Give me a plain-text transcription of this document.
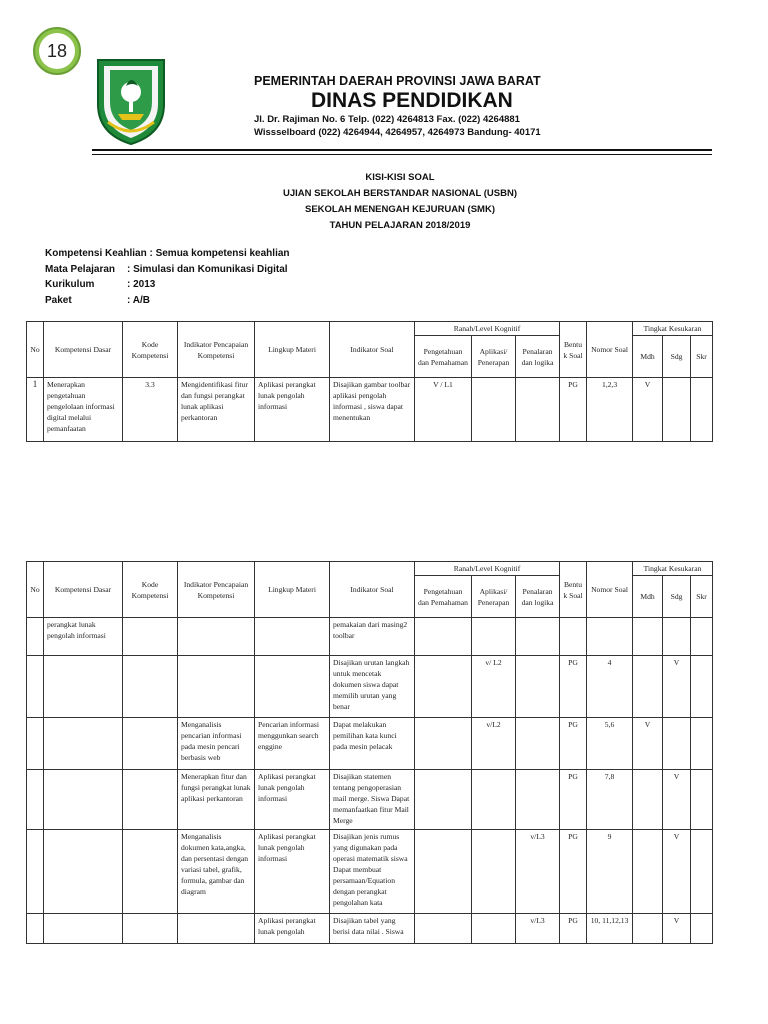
18
PEMERINTAH DAERAH PROVINSI JAWA BARAT
DINAS PENDIDIKAN
Jl. Dr. Rajiman No. 6 Telp. (022) 4264813 Fax. (022) 4264881
Wissselboard (022) 4264944, 4264957, 4264973 Bandung- 40171
KISI-KISI SOAL
UJIAN SEKOLAH BERSTANDAR NASIONAL (USBN)
SEKOLAH MENENGAH KEJURUAN (SMK)
TAHUN PELAJARAN 2018/2019
Kompetensi Keahlian : Semua kompetensi keahlian
Mata Pelajaran : Simulasi dan Komunikasi Digital
Kurikulum	: 2013
Paket	: A/B
No	Kompetensi Dasar	Kode Kompetensi	Indikator Pencapaian Kompetensi	Lingkup Materi	Indikator Soal	Ranah/Level Kognitif			Bentuk Soal	Nomor Soal	Tingkat Kesukaran		
						Pengetahuan dan Pemahaman	Aplikasi/ Penerapan	Penalaran dan logika			Mdh	Sdg	Skr
1	Menerapkan pengetahuan pengelolaan informasi digital melalui pemanfaatan	3.3	Mengidentifikasi fitur dan fungsi perangkat lunak aplikasi perkantoran	Aplikasi perangkat lunak pengolah informasi	Disajikan gambar toolbar aplikasi pengolah informasi , siswa dapat menentukan	V / L1			PG	1,2,3	V		
No	Kompetensi Dasar	Kode Kompetensi	Indikator Pencapaian Kompetensi	Lingkup Materi	Indikator Soal	Ranah/Level Kognitif			Bentuk Soal	Nomor Soal	Tingkat Kesukaran		
						Pengetahuan dan Pemahaman	Aplikasi/ Penerapan	Penalaran dan logika			Mdh	Sdg	Skr
	perangkat lunak pengolah informasi				pemakaian dari masing2 toolbar								
					Disajikan urutan langkah untuk mencetak dokumen siswa dapat memilih urutan yang benar		v/ L2		PG	4		V	
			Menganalisis pencarian informasi pada mesin pencari berbasis web	Pencarian informasi menggunkan search enggine	Dapat melakukan pemilihan kata kunci pada mesin pelacak		v/L2		PG	5,6	V		
			Menerapkan fitur dan fungsi perangkat lunak aplikasi perkantoran	Aplikasi perangkat lunak pengolah informasi	Disajikan statemen tentang pengoperasian mail merge. Siswa Dapat memanfaatkan fitur Mail Merge				PG	7,8		V	
			Menganalisis dokumen kata,angka, dan persentasi dengan variasi tabel, grafik, formula, gambar dan diagram	Aplikasi perangkat lunak pengolah informasi	Disajikan jenis rumus yang digunakan pada operasi matematik siswa Dapat membuat persamaan/Equation dengan perangkat pengolahan kata			v/L3	PG	9		V	
				Aplikasi perangkat lunak pengolah	Disajikan tabel yang berisi data nilai . Siswa			v/L3	PG	10, 11,12,13		V	
